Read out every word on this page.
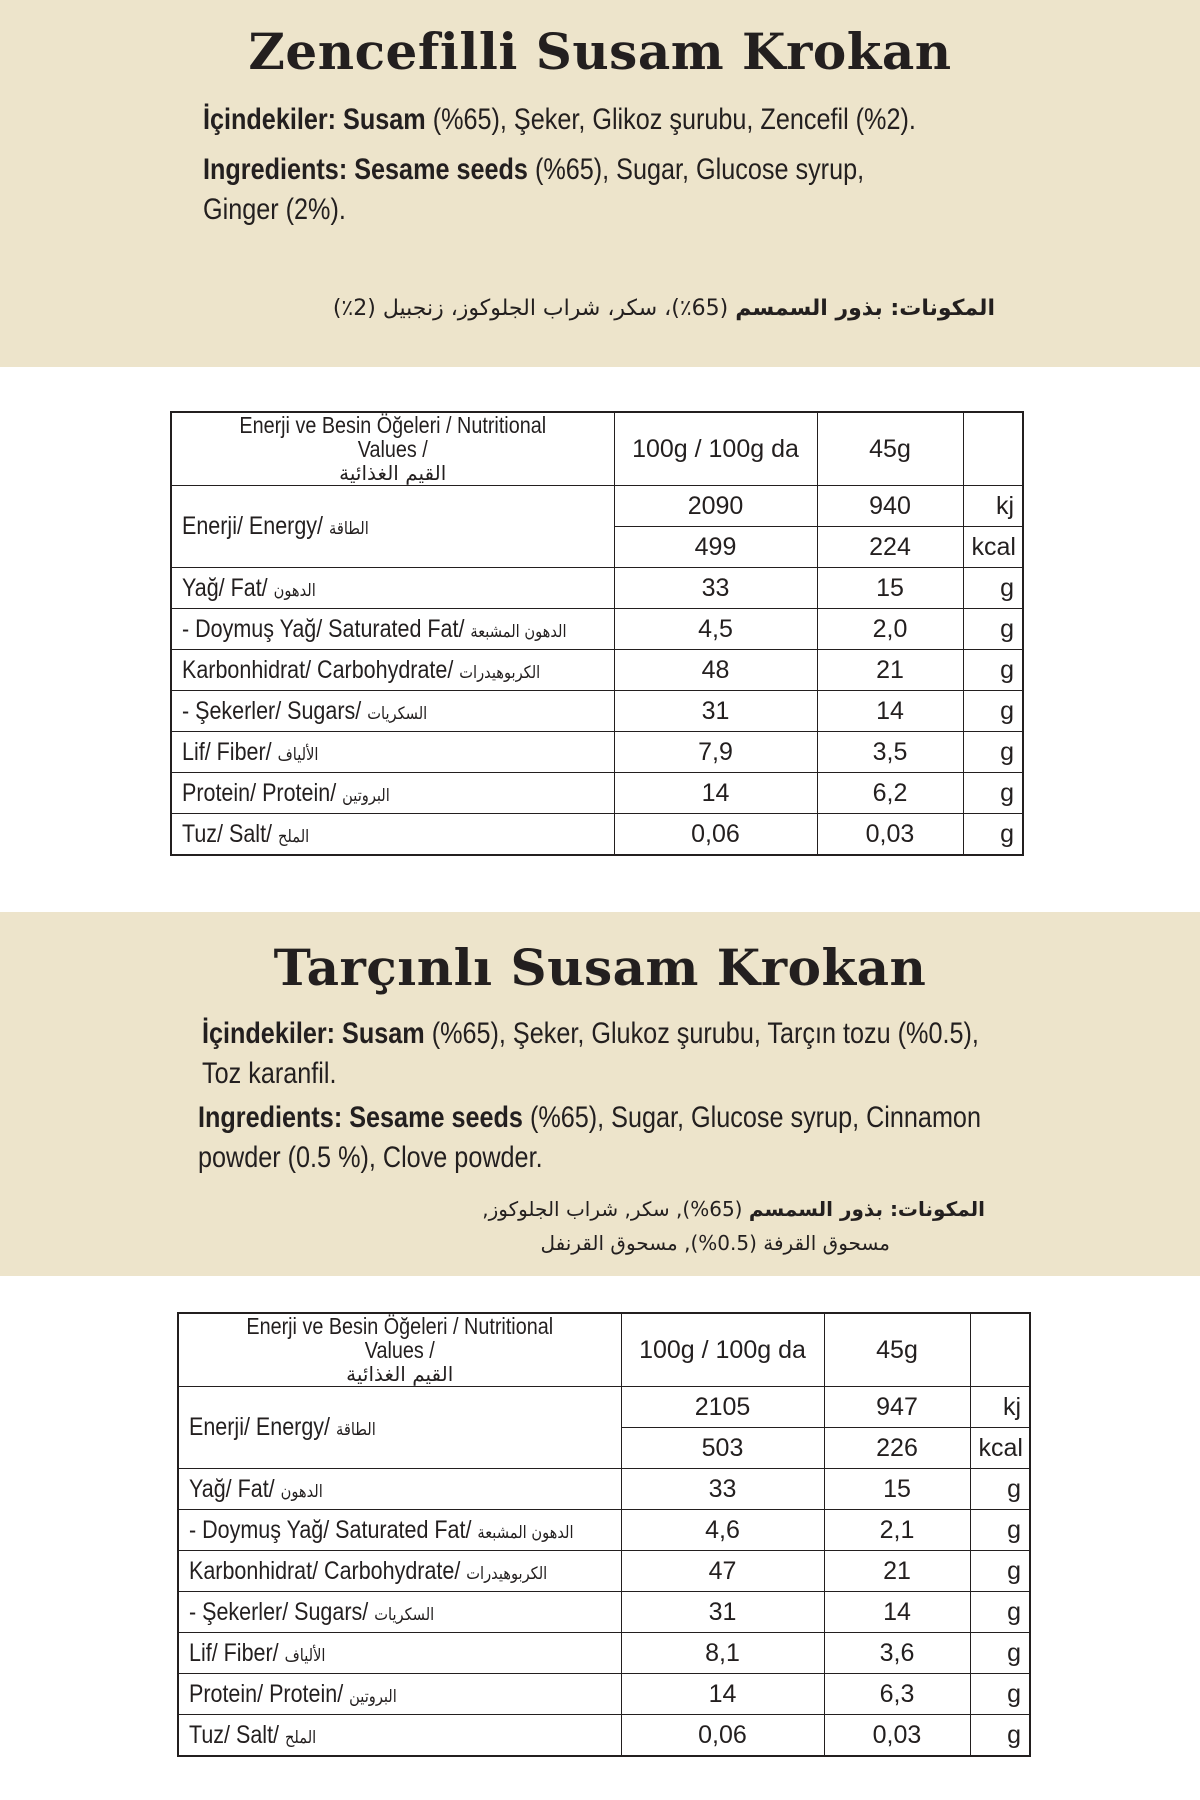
Zencefilli Susam Krokan
İçindekiler: Susam (%65), Şeker, Glikoz şurubu, Zencefil (%2).
Ingredients: Sesame seeds (%65), Sugar, Glucose syrup,
Ginger (2%).
المكونات: بذور السمسم (65٪)، سكر، شراب الجلوكوز، زنجبيل (2٪)
Enerji ve Besin Öğeleri / Nutritional Values /
القيم الغذائية	100g / 100g da	45g	
Enerji/ Energy/ الطاقة	2090	940	kj
	499	224	kcal
Yağ/ Fat/ الدهون	33	15	g
- Doymuş Yağ/ Saturated Fat/ الدهون المشبعة	4,5	2,0	g
Karbonhidrat/ Carbohydrate/ الكربوهيدرات	48	21	g
- Şekerler/ Sugars/ السكريات	31	14	g
Lif/ Fiber/ الألياف	7,9	3,5	g
Protein/ Protein/ البروتين	14	6,2	g
Tuz/ Salt/ الملح	0,06	0,03	g
Tarçınlı Susam Krokan
İçindekiler: Susam (%65), Şeker, Glukoz şurubu, Tarçın tozu (%0.5),
Toz karanfil.
Ingredients: Sesame seeds (%65), Sugar, Glucose syrup, Cinnamon
powder (0.5 %), Clove powder.
المكونات: بذور السمسم (65%), سكر, شراب الجلوكوز,
مسحوق القرفة (0.5%), مسحوق القرنفل
Enerji ve Besin Öğeleri / Nutritional Values /
القيم الغذائية	100g / 100g da	45g	
Enerji/ Energy/ الطاقة	2105	947	kj
	503	226	kcal
Yağ/ Fat/ الدهون	33	15	g
- Doymuş Yağ/ Saturated Fat/ الدهون المشبعة	4,6	2,1	g
Karbonhidrat/ Carbohydrate/ الكربوهيدرات	47	21	g
- Şekerler/ Sugars/ السكريات	31	14	g
Lif/ Fiber/ الألياف	8,1	3,6	g
Protein/ Protein/ البروتين	14	6,3	g
Tuz/ Salt/ الملح	0,06	0,03	g
